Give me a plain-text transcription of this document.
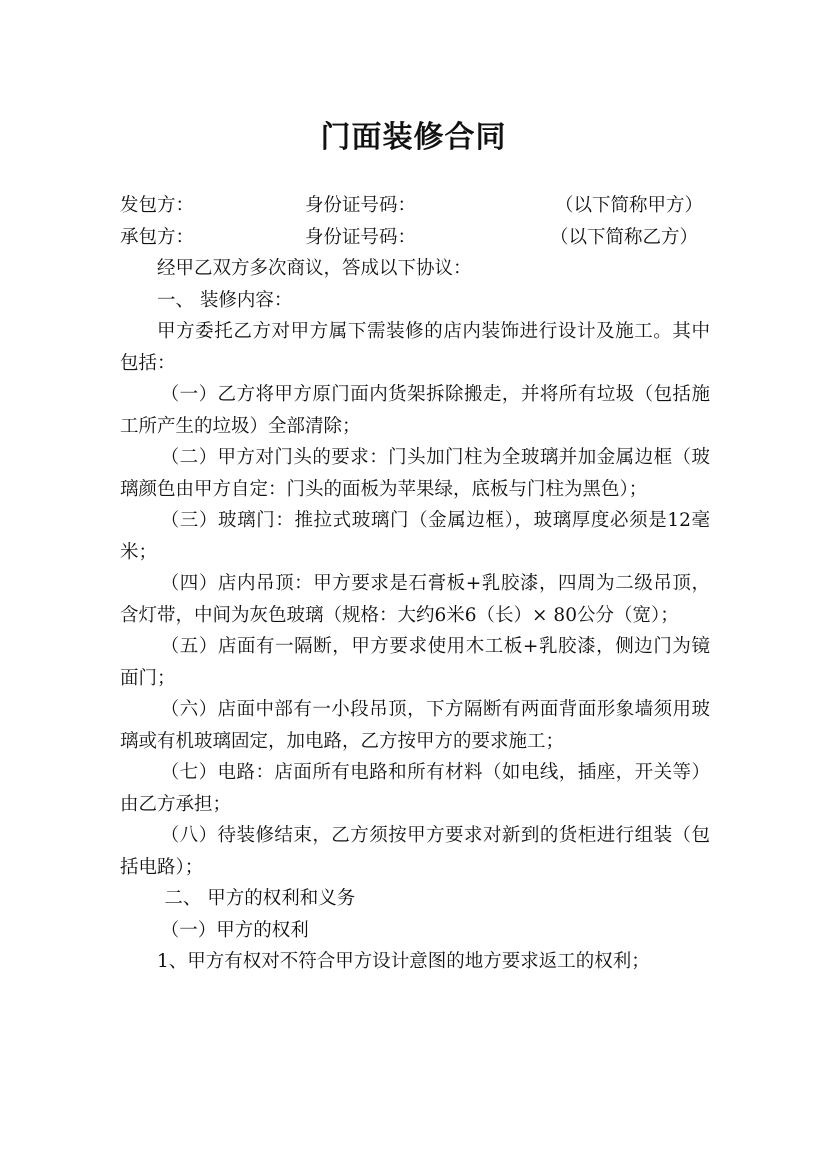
门面装修合同
发包方：	身份证号码：	（以下简称甲方）
承包方：	身份证号码：	（以下简称乙方）

经甲乙双方多次商议，答成以下协议：

一、 装修内容：

甲方委托乙方对甲方属下需装修的店内装饰进行设计及施工。其中包括：

（一）乙方将甲方原门面内货架拆除搬走，并将所有垃圾（包括施工所产生的垃圾）全部清除；

（二）甲方对门头的要求：门头加门柱为全玻璃并加金属边框（玻璃颜色由甲方自定：门头的面板为苹果绿，底板与门柱为黑色）；

（三）玻璃门：推拉式玻璃门（金属边框），玻璃厚度必须是12毫米；

（四）店内吊顶：甲方要求是石膏板+乳胶漆，四周为二级吊顶，含灯带，中间为灰色玻璃（规格：大约6米6（长）× 80公分（宽）；

（五）店面有一隔断，甲方要求使用木工板+乳胶漆，侧边门为镜面门；

（六）店面中部有一小段吊顶，下方隔断有两面背面形象墙须用玻璃或有机玻璃固定，加电路，乙方按甲方的要求施工；

（七）电路：店面所有电路和所有材料（如电线，插座，开关等）由乙方承担；

（八）待装修结束，乙方须按甲方要求对新到的货柜进行组装（包括电路）；

二、 甲方的权利和义务

（一）甲方的权利

1、甲方有权对不符合甲方设计意图的地方要求返工的权利；
